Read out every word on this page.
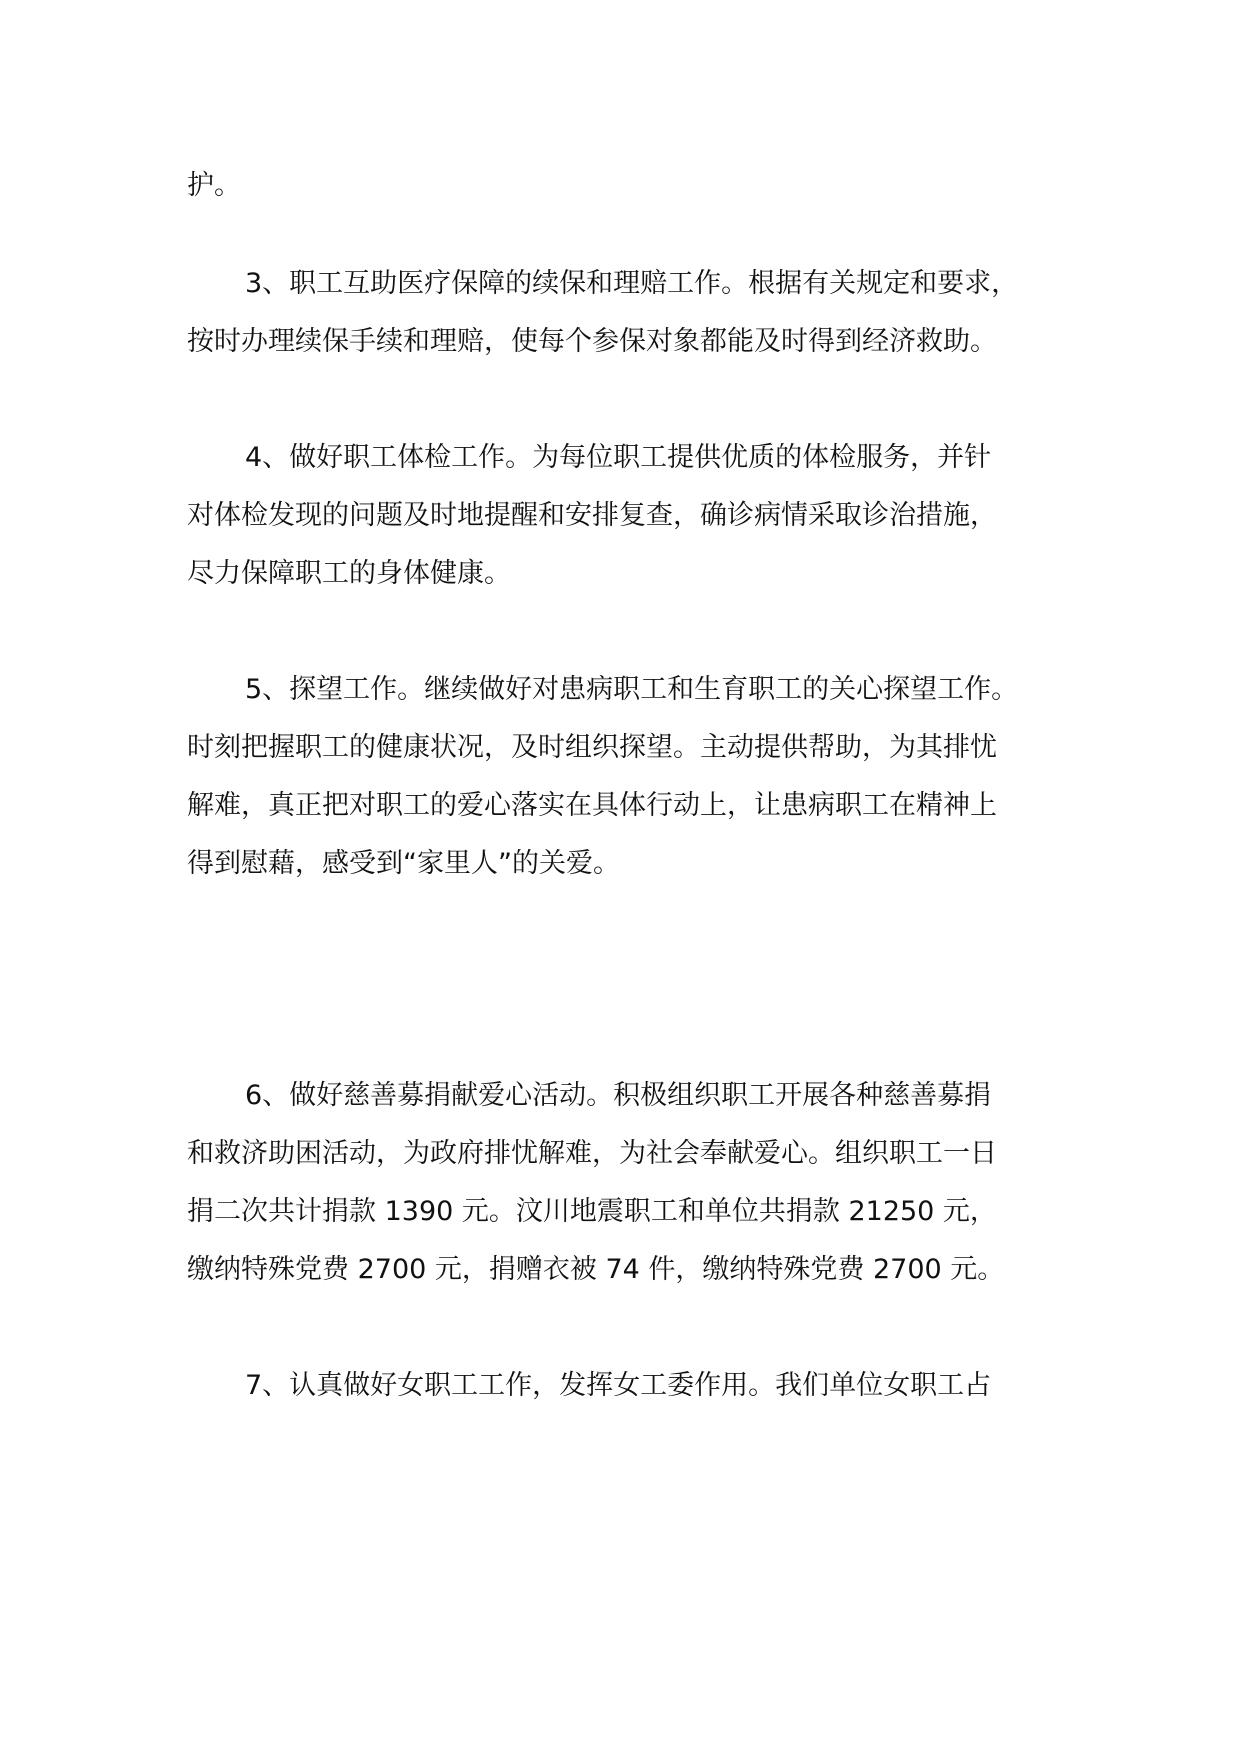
护。
3、职工互助医疗保障的续保和理赔工作。根据有关规定和要求，
按时办理续保手续和理赔，使每个参保对象都能及时得到经济救助。
4、做好职工体检工作。为每位职工提供优质的体检服务，并针
对体检发现的问题及时地提醒和安排复查，确诊病情采取诊治措施，
尽力保障职工的身体健康。
5、探望工作。继续做好对患病职工和生育职工的关心探望工作。
时刻把握职工的健康状况，及时组织探望。主动提供帮助，为其排忧
解难，真正把对职工的爱心落实在具体行动上，让患病职工在精神上
得到慰藉，感受到“家里人”的关爱。
6、做好慈善募捐献爱心活动。积极组织职工开展各种慈善募捐
和救济助困活动，为政府排忧解难，为社会奉献爱心。组织职工一日
捐二次共计捐款 1390 元。汶川地震职工和单位共捐款 21250 元，
缴纳特殊党费 2700 元，捐赠衣被 74 件，缴纳特殊党费 2700 元。
7、认真做好女职工工作，发挥女工委作用。我们单位女职工占
